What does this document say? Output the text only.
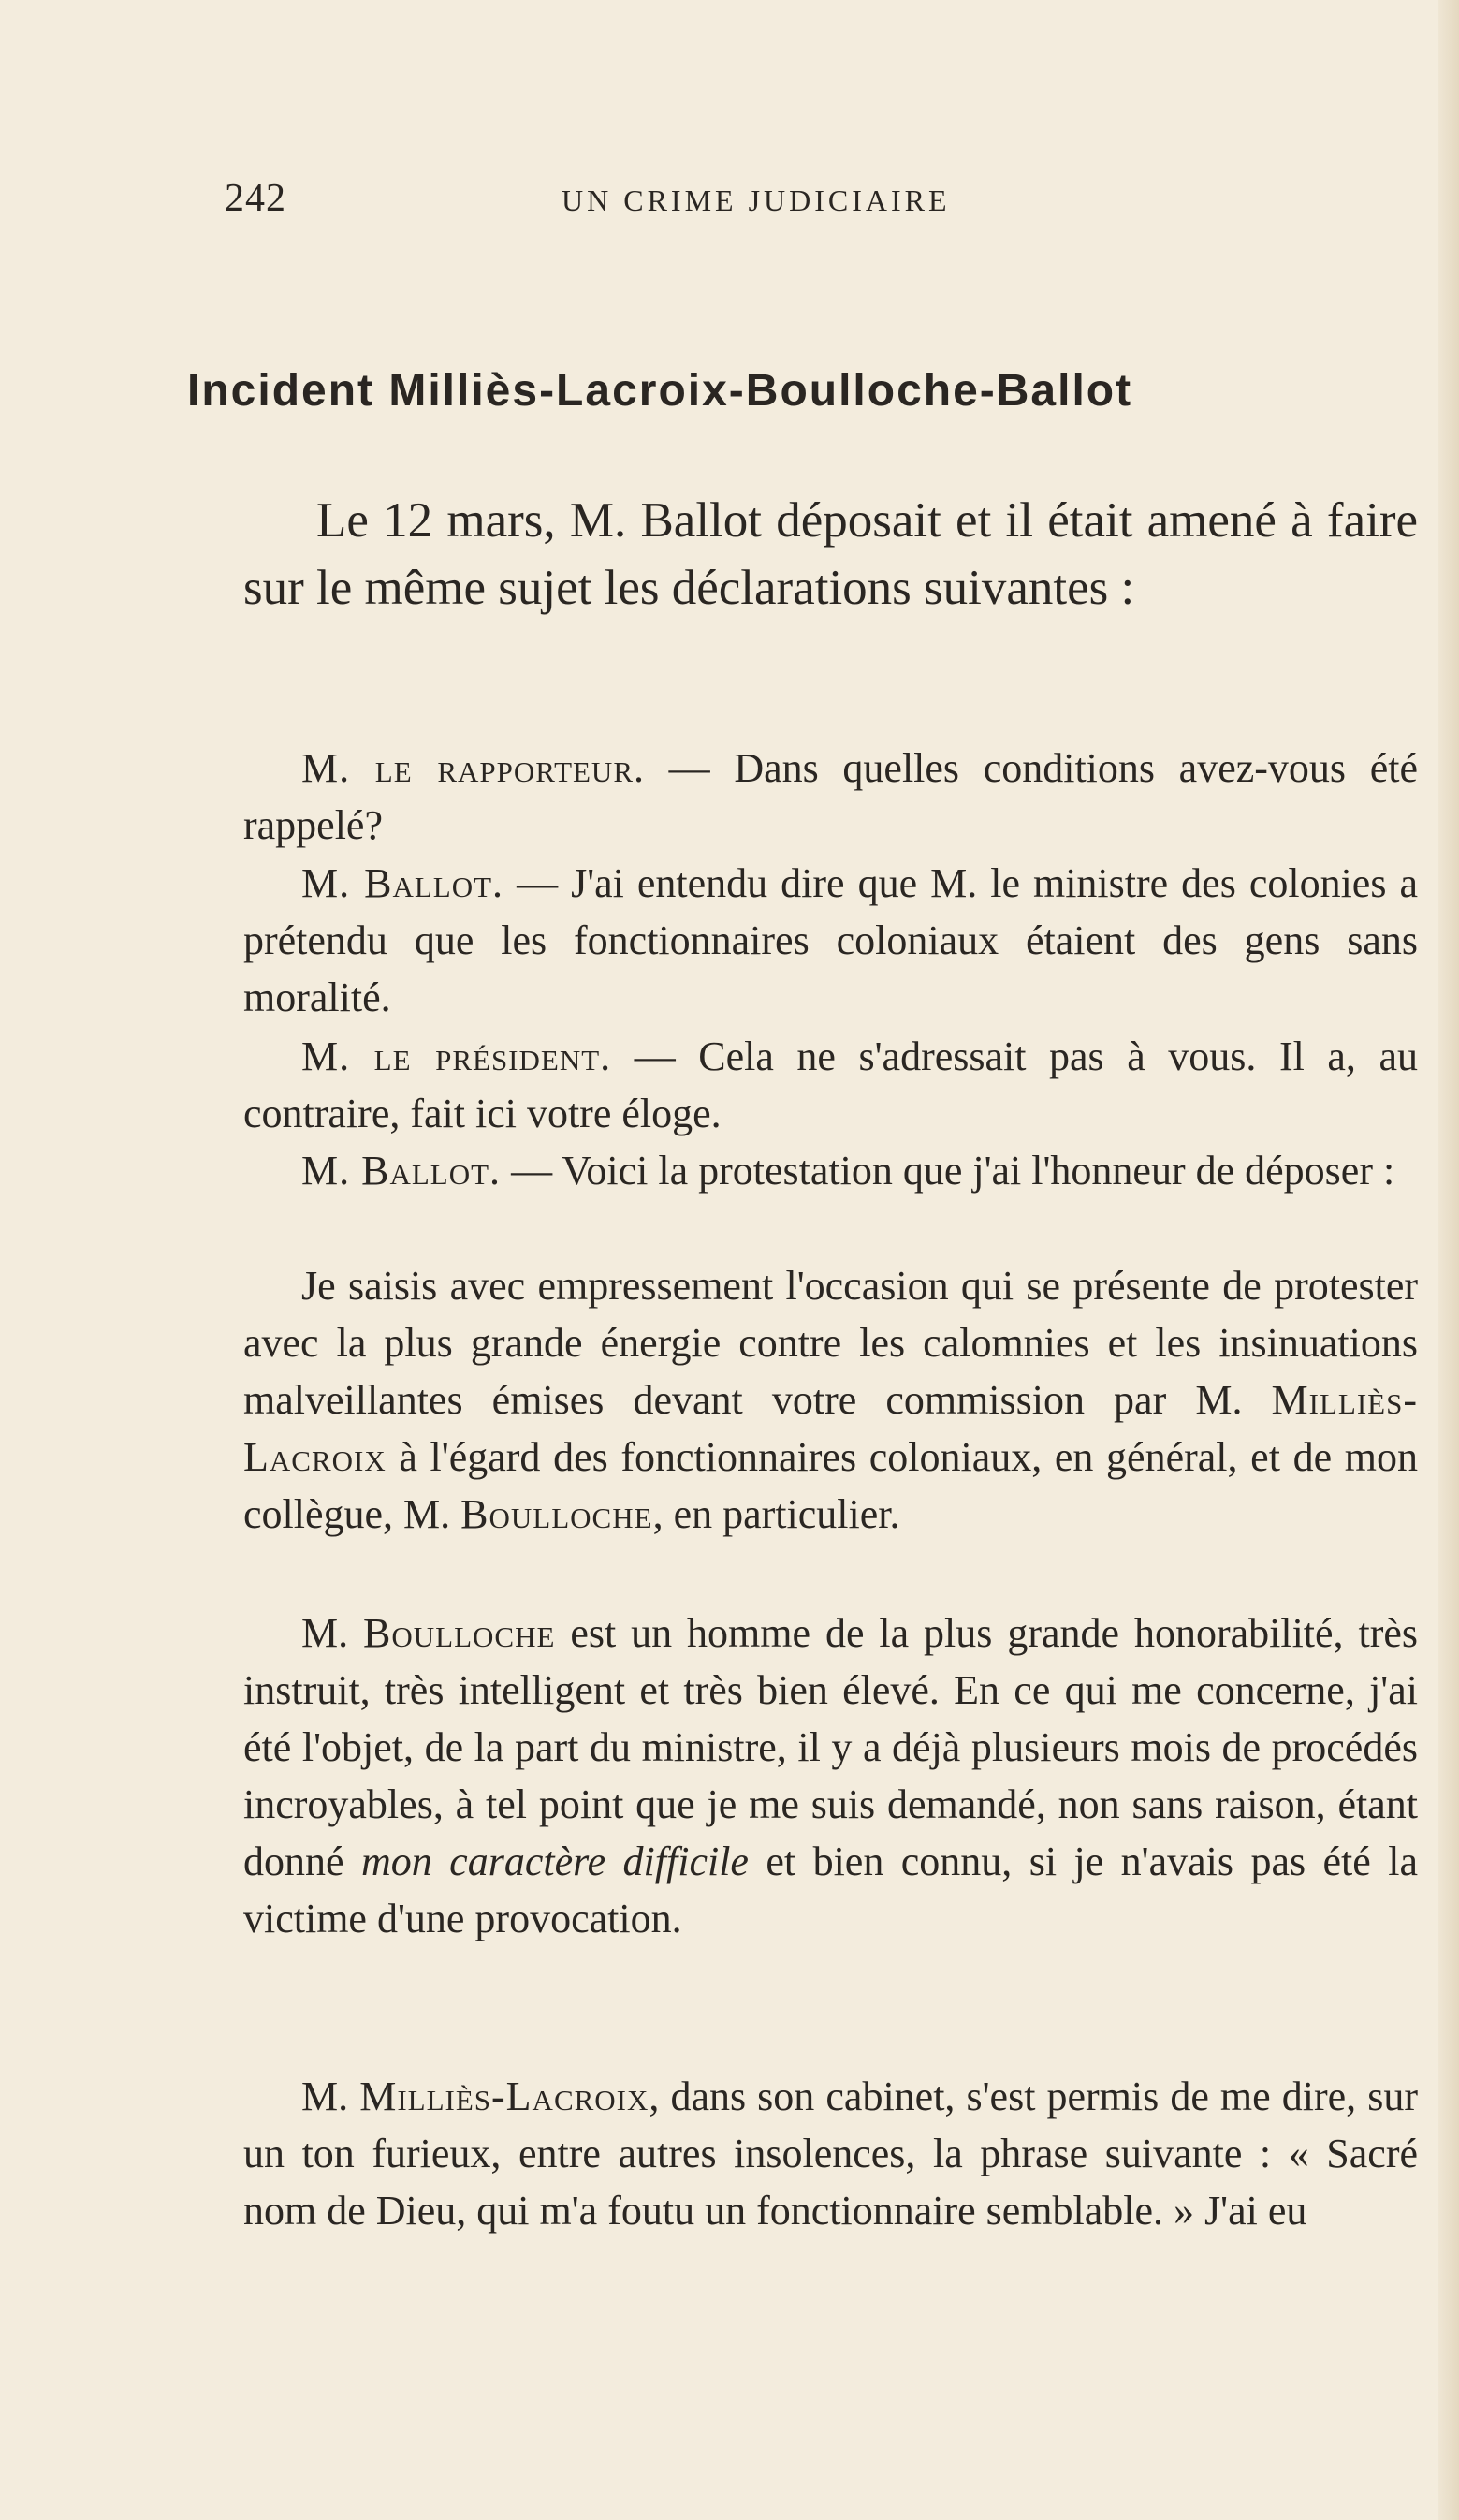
242	UN CRIME JUDICIAIRE
Incident Milliès-Lacroix-Boulloche-Ballot

Le 12 mars, M. Ballot déposait et il était amené à faire sur le même sujet les déclarations suivantes :

M. le rapporteur. — Dans quelles conditions avez-vous été rappelé?

M. Ballot. — J'ai entendu dire que M. le ministre des colonies a prétendu que les fonctionnaires coloniaux étaient des gens sans moralité.

M. le président. — Cela ne s'adressait pas à vous. Il a, au contraire, fait ici votre éloge.

M. Ballot. — Voici la protestation que j'ai l'honneur de déposer :

Je saisis avec empressement l'occasion qui se présente de protester avec la plus grande énergie contre les calomnies et les insinuations malveillantes émises devant votre commission par M. Milliès-Lacroix à l'égard des fonctionnaires coloniaux, en général, et de mon collègue, M. Boulloche, en particulier.

M. Boulloche est un homme de la plus grande honorabilité, très instruit, très intelligent et très bien élevé. En ce qui me concerne, j'ai été l'objet, de la part du ministre, il y a déjà plusieurs mois de procédés incroyables, à tel point que je me suis demandé, non sans raison, étant donné mon caractère difficile et bien connu, si je n'avais pas été la victime d'une provocation.

M. Milliès-Lacroix, dans son cabinet, s'est permis de me dire, sur un ton furieux, entre autres insolences, la phrase suivante : « Sacré nom de Dieu, qui m'a foutu un fonctionnaire semblable. » J'ai eu
